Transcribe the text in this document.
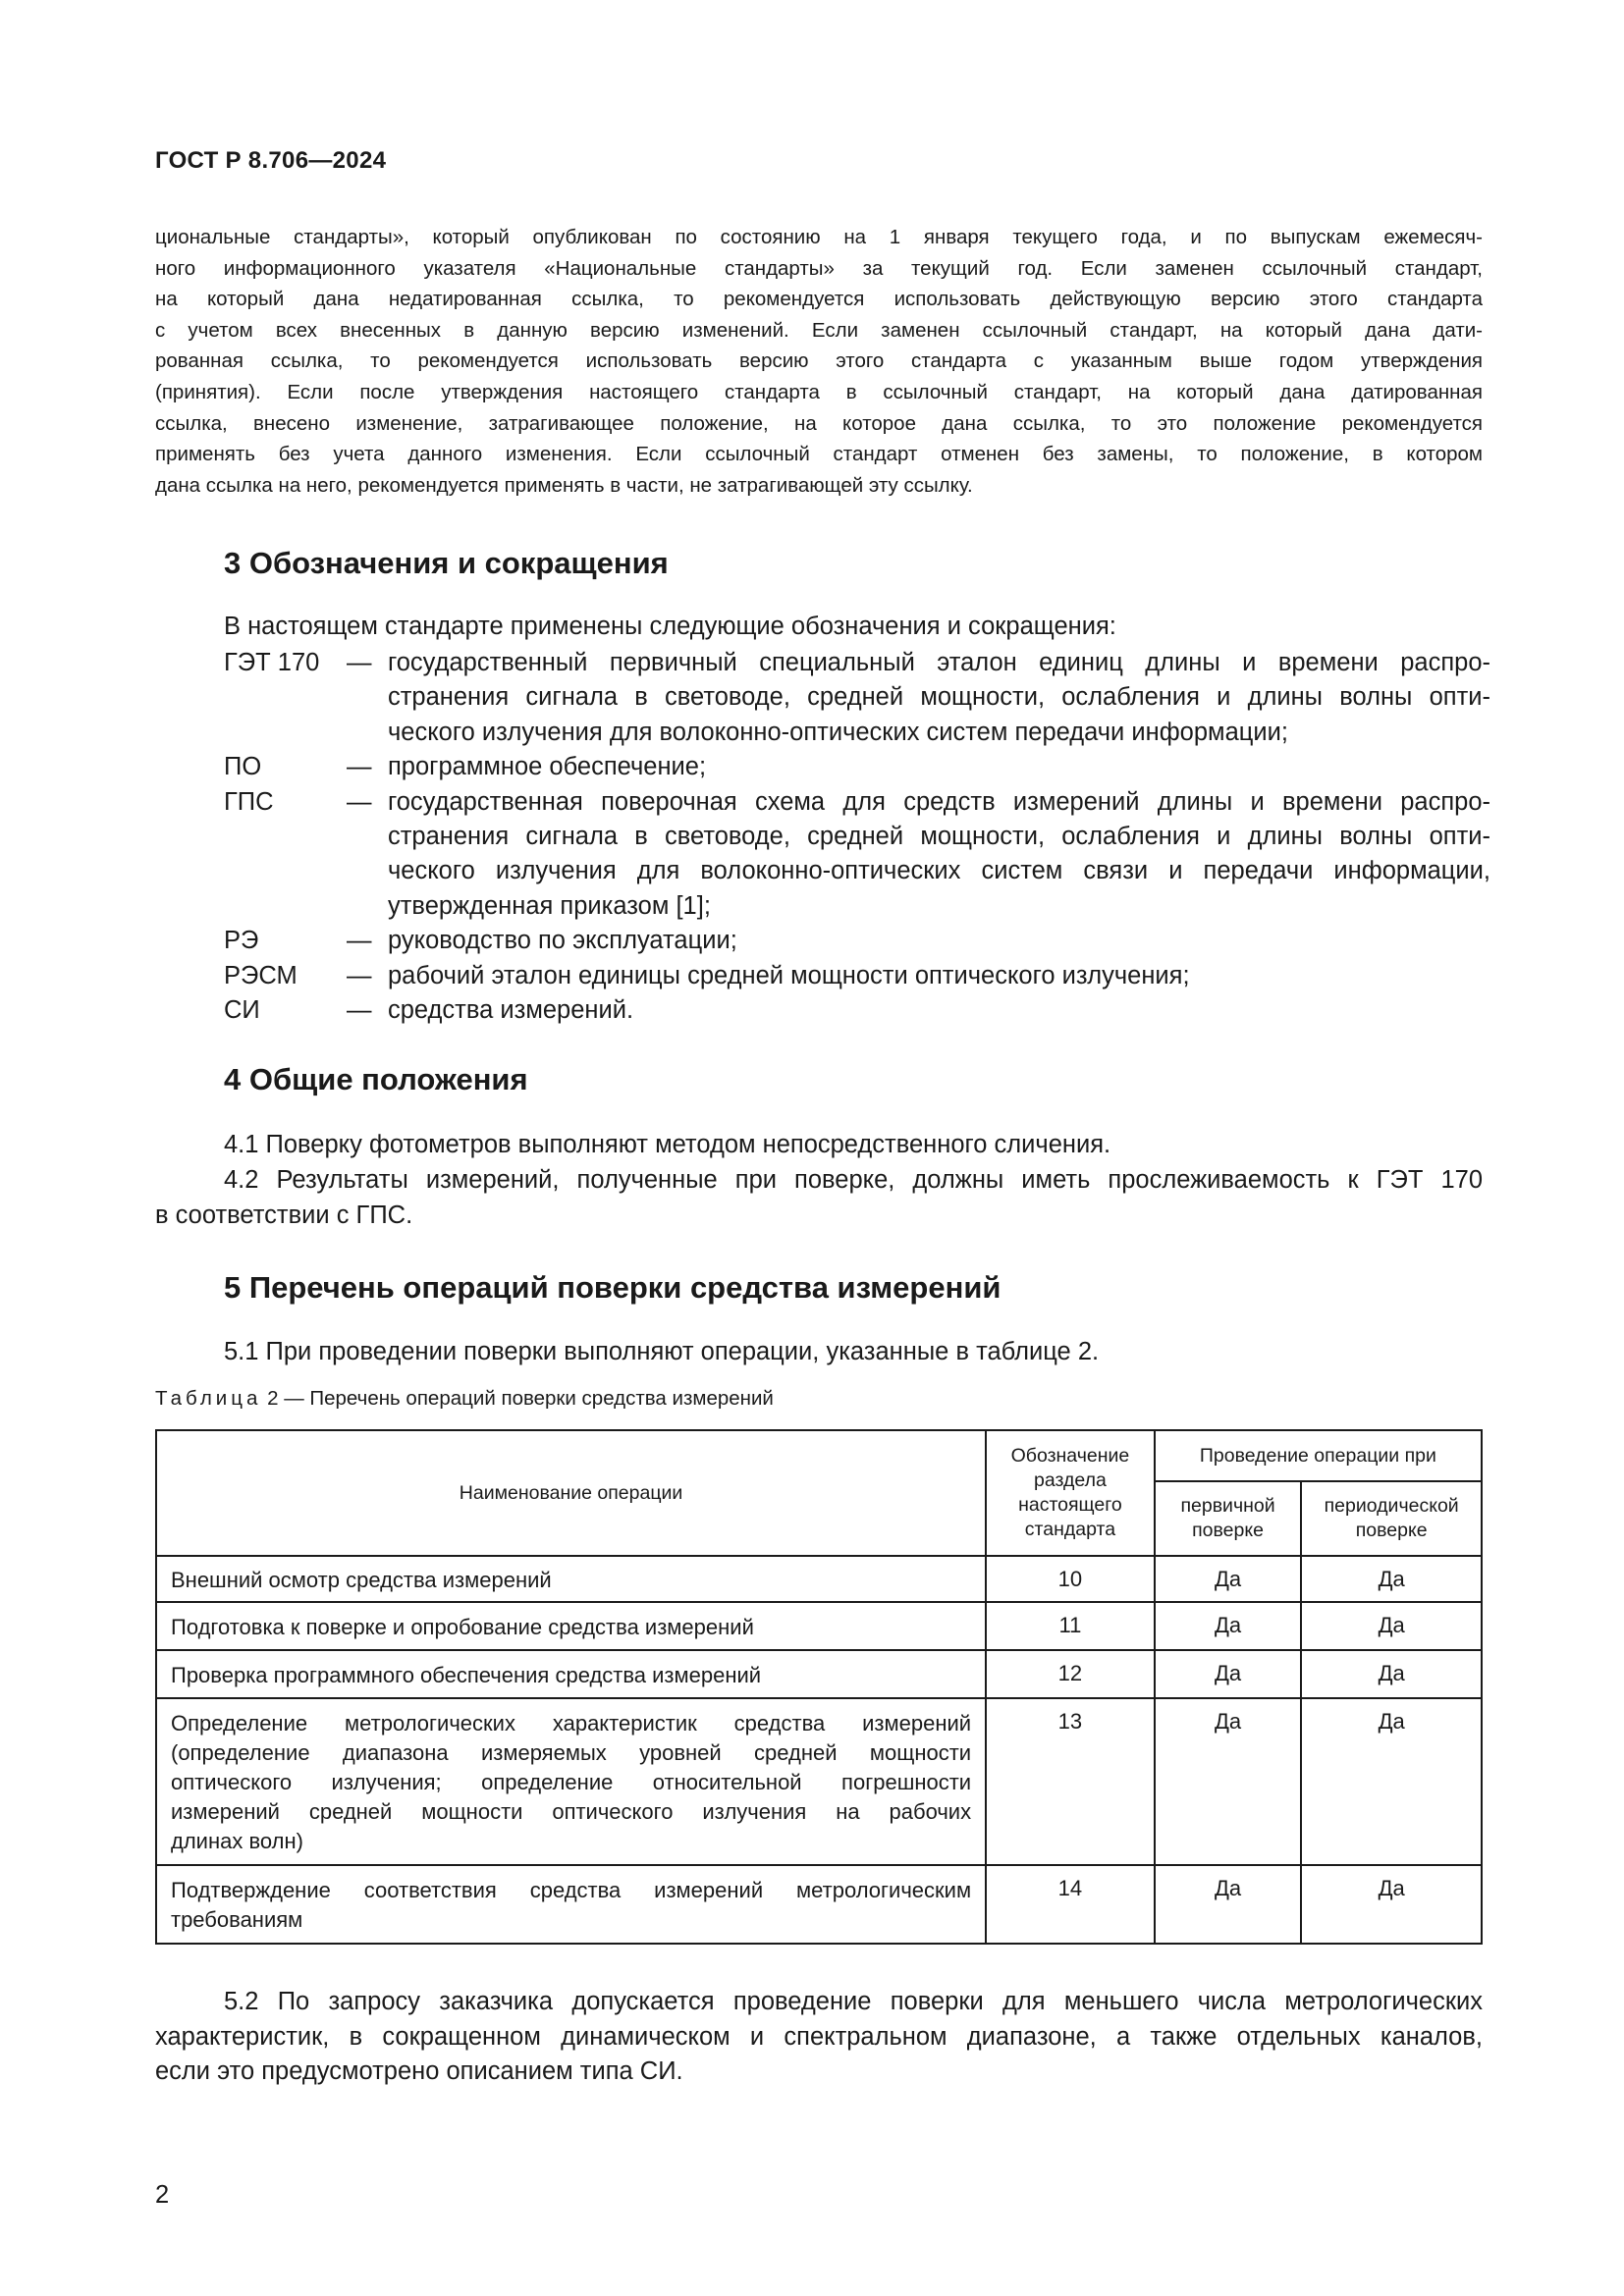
ГОСТ Р 8.706—2024

циональные стандарты», который опубликован по состоянию на 1 января текущего года, и по выпускам ежемесяч-
ного информационного указателя «Национальные стандарты» за текущий год. Если заменен ссылочный стандарт,
на который дана недатированная ссылка, то рекомендуется использовать действующую версию этого стандарта
с учетом всех внесенных в данную версию изменений. Если заменен ссылочный стандарт, на который дана дати-
рованная ссылка, то рекомендуется использовать версию этого стандарта с указанным выше годом утверждения
(принятия). Если после утверждения настоящего стандарта в ссылочный стандарт, на который дана датированная
ссылка, внесено изменение, затрагивающее положение, на которое дана ссылка, то это положение рекомендуется
применять без учета данного изменения. Если ссылочный стандарт отменен без замены, то положение, в котором
дана ссылка на него, рекомендуется применять в части, не затрагивающей эту ссылку.

3 Обозначения и сокращения

В настоящем стандарте применены следующие обозначения и сокращения:

ГЭТ 170	— государственный первичный специальный эталон единиц длины и времени распро-
странения сигнала в световоде, средней мощности, ослабления и длины волны опти-
ческого излучения для волоконно-оптических систем передачи информации;
ПО	— программное обеспечение;
ГПС	— государственная поверочная схема для средств измерений длины и времени распро-
странения сигнала в световоде, средней мощности, ослабления и длины волны опти-
ческого излучения для волоконно-оптических систем связи и передачи информации,
утвержденная приказом [1];
РЭ	— руководство по эксплуатации;
РЭСМ	— рабочий эталон единицы средней мощности оптического излучения;
СИ	— средства измерений.
4 Общие положения

4.1 Поверку фотометров выполняют методом непосредственного сличения.

4.2 Результаты измерений, полученные при поверке, должны иметь прослеживаемость к ГЭТ 170
в соответствии с ГПС.
5 Перечень операций поверки средства измерений

5.1 При проведении поверки выполняют операции, указанные в таблице 2.

Таблица 2 — Перечень операций поверки средства измерений
Наименование операции	Обозначение
раздела
настоящего
стандарта	Проведение операции при	

		первичной
поверке	периодической
поверке

Внешний осмотр средства измерений	10	Да	Да

Подготовка к поверке и опробование средства измерений	11	Да	Да

Проверка программного обеспечения средства измерений	12	Да	Да

Определение метрологических характеристик средства измерений
(определение диапазона измеряемых уровней средней мощности
оптического излучения; определение относительной погрешности
измерений средней мощности оптического излучения на рабочих
длинах волн)	13	Да	Да

Подтверждение соответствия средства измерений метрологическим
требованиям	14	Да	Да
5.2 По запросу заказчика допускается проведение поверки для меньшего числа метрологических
характеристик, в сокращенном динамическом и спектральном диапазоне, а также отдельных каналов,
если это предусмотрено описанием типа СИ.
2
